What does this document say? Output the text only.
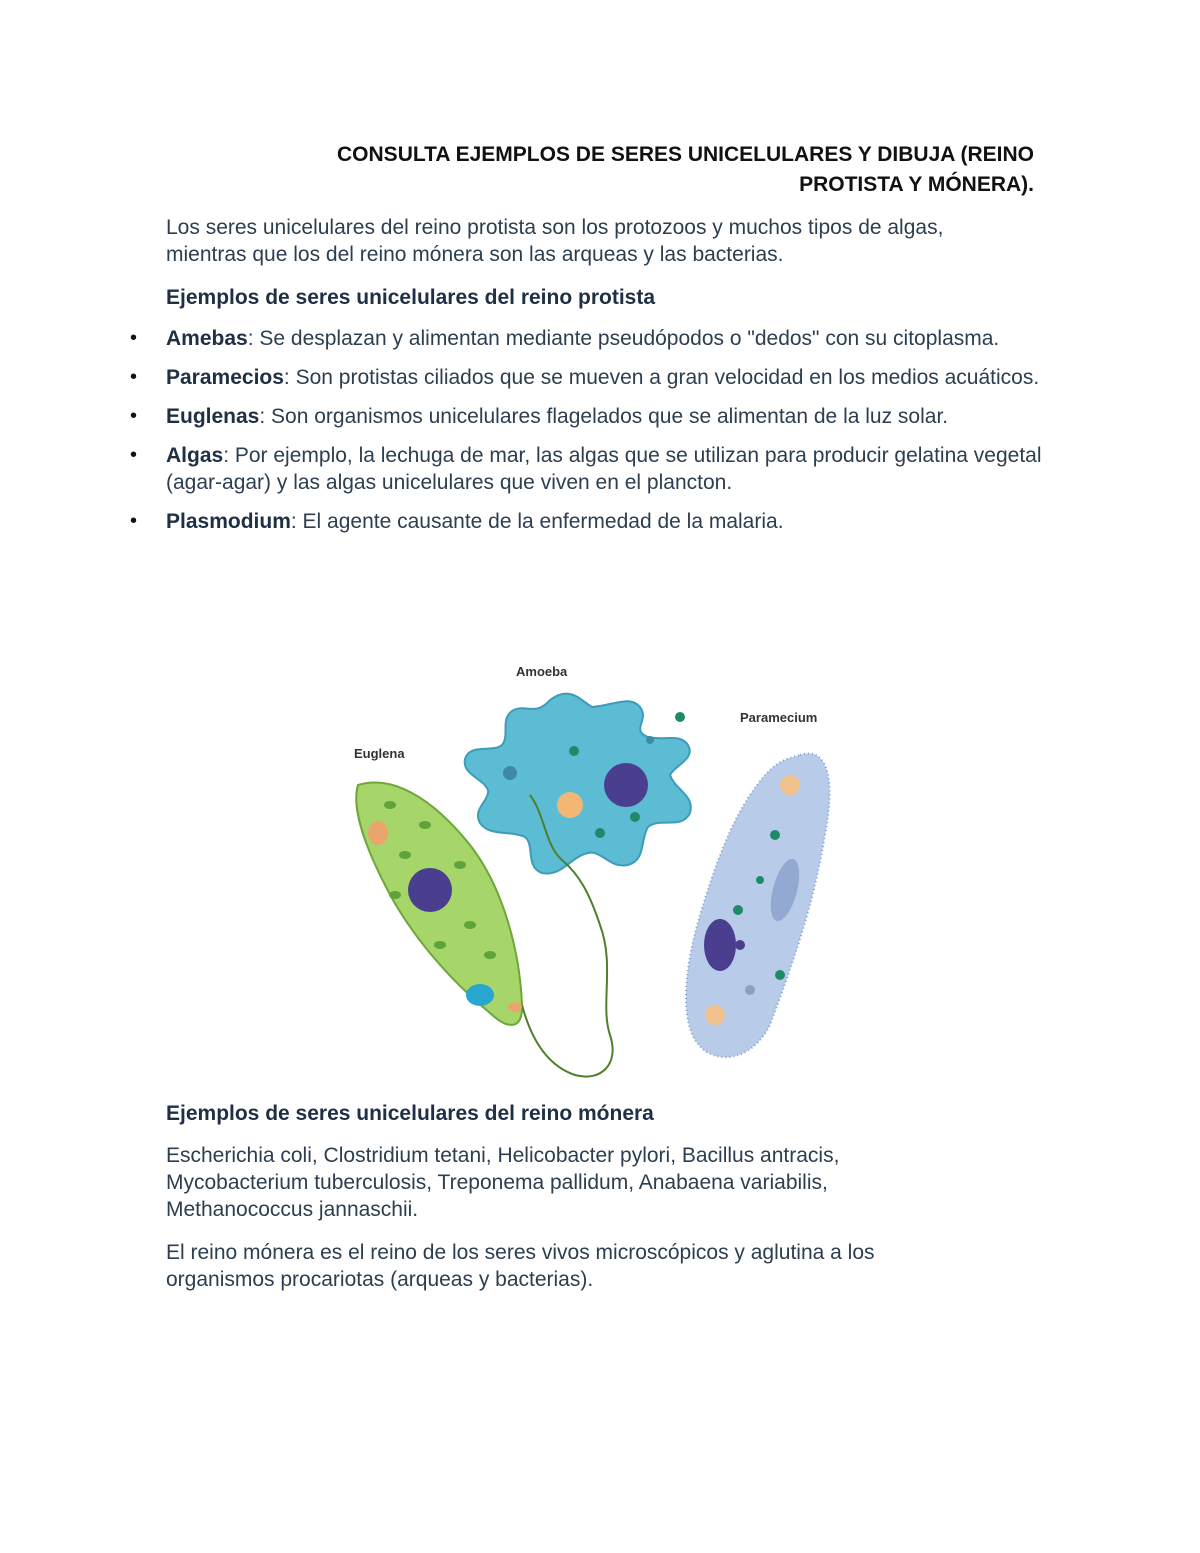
CONSULTA EJEMPLOS DE SERES UNICELULARES Y DIBUJA (REINO
PROTISTA Y MÓNERA).
Los seres unicelulares del reino protista son los protozoos y muchos tipos de algas, mientras que los del reino mónera son las arqueas y las bacterias.
Ejemplos de seres unicelulares del reino protista
• Amebas: Se desplazan y alimentan mediante pseudópodos o "dedos" con su citoplasma.
• Paramecios: Son protistas ciliados que se mueven a gran velocidad en los medios acuáticos.
• Euglenas: Son organismos unicelulares flagelados que se alimentan de la luz solar.
• Algas: Por ejemplo, la lechuga de mar, las algas que se utilizan para producir gelatina vegetal (agar-agar) y las algas unicelulares que viven en el plancton.
• Plasmodium: El agente causante de la enfermedad de la malaria.
Amoeba
Paramecium
Euglena
Ejemplos de seres unicelulares del reino mónera
Escherichia coli, Clostridium tetani, Helicobacter pylori, Bacillus antracis, Mycobacterium tuberculosis, Treponema pallidum, Anabaena variabilis, Methanococcus jannaschii.
El reino mónera es el reino de los seres vivos microscópicos y aglutina a los organismos procariotas (arqueas y bacterias).
